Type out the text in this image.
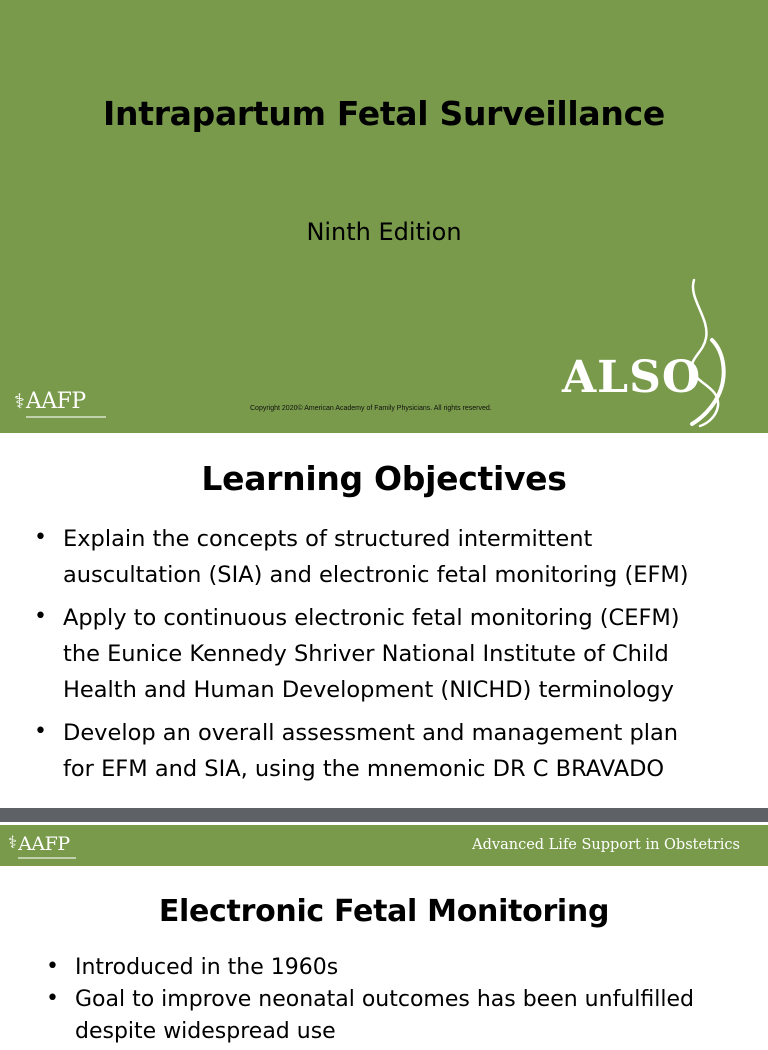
Intrapartum Fetal Surveillance
Ninth Edition
⚕ AAFP	Copyright 2020© American Academy of Family Physicians. All rights reserved.
ALSO
Learning Objectives
• Explain the concepts of structured intermittent
auscultation (SIA) and electronic fetal monitoring (EFM)
• Apply to continuous electronic fetal monitoring (CEFM)
the Eunice Kennedy Shriver National Institute of Child
Health and Human Development (NICHD) terminology
• Develop an overall assessment and management plan
for EFM and SIA, using the mnemonic DR C BRAVADO
⚕ AAFP	Advanced Life Support in Obstetrics
Electronic Fetal Monitoring
• Introduced in the 1960s
• Goal to improve neonatal outcomes has been unfulfilled
despite widespread use
